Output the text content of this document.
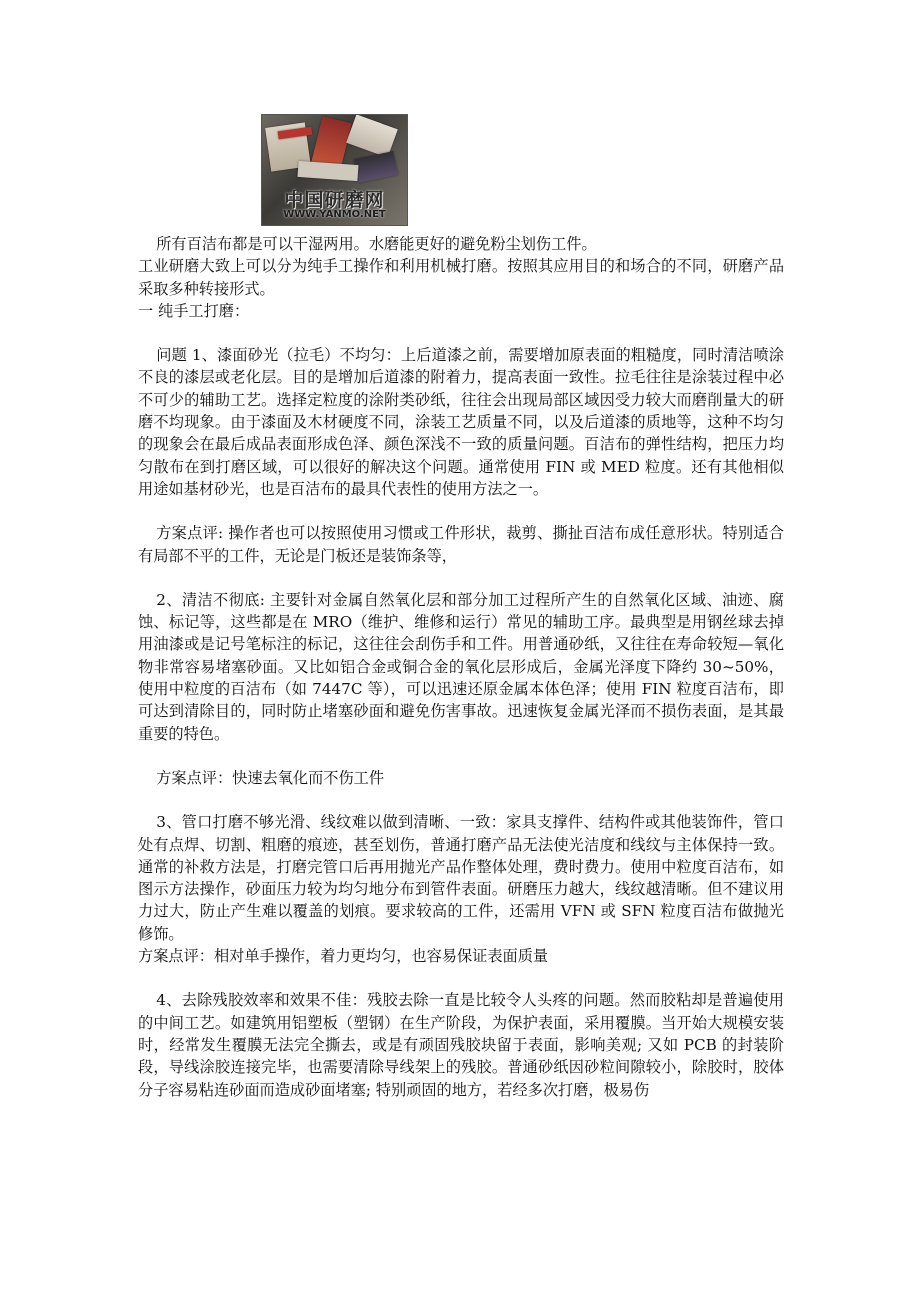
中国研磨网
WWW.YANMO.NET

所有百洁布都是可以干湿两用。水磨能更好的避免粉尘划伤工件。

工业研磨大致上可以分为纯手工操作和利用机械打磨。按照其应用目的和场合的不同，研磨产品采取多种转接形式。

一 纯手工打磨：

问题 1、漆面砂光（拉毛）不均匀：上后道漆之前，需要增加原表面的粗糙度，同时清洁喷涂不良的漆层或老化层。目的是增加后道漆的附着力，提高表面一致性。拉毛往往是涂装过程中必不可少的辅助工艺。选择定粒度的涂附类砂纸，往往会出现局部区域因受力较大而磨削量大的研磨不均现象。由于漆面及木材硬度不同，涂装工艺质量不同，以及后道漆的质地等，这种不均匀的现象会在最后成品表面形成色泽、颜色深浅不一致的质量问题。百洁布的弹性结构，把压力均匀散布在到打磨区域，可以很好的解决这个问题。通常使用 FIN 或 MED 粒度。还有其他相似用途如基材砂光，也是百洁布的最具代表性的使用方法之一。

方案点评: 操作者也可以按照使用习惯或工件形状，裁剪、撕扯百洁布成任意形状。特别适合有局部不平的工件，无论是门板还是装饰条等，

2、清洁不彻底: 主要针对金属自然氧化层和部分加工过程所产生的自然氧化区域、油迹、腐蚀、标记等，这些都是在 MRO（维护、维修和运行）常见的辅助工序。最典型是用钢丝球去掉用油漆或是记号笔标注的标记，这往往会刮伤手和工件。用普通砂纸，又往往在寿命较短—氧化物非常容易堵塞砂面。又比如铝合金或铜合金的氧化层形成后，金属光泽度下降约 30~50%，使用中粒度的百洁布（如 7447C 等），可以迅速还原金属本体色泽；使用 FIN 粒度百洁布，即可达到清除目的，同时防止堵塞砂面和避免伤害事故。迅速恢复金属光泽而不损伤表面，是其最重要的特色。

方案点评：快速去氧化而不伤工件

3、管口打磨不够光滑、线纹难以做到清晰、一致：家具支撑件、结构件或其他装饰件，管口处有点焊、切割、粗磨的痕迹，甚至划伤，普通打磨产品无法使光洁度和线纹与主体保持一致。通常的补救方法是，打磨完管口后再用抛光产品作整体处理，费时费力。使用中粒度百洁布，如图示方法操作，砂面压力较为均匀地分布到管件表面。研磨压力越大，线纹越清晰。但不建议用力过大，防止产生难以覆盖的划痕。要求较高的工件，还需用 VFN 或 SFN 粒度百洁布做抛光修饰。

方案点评：相对单手操作，着力更均匀，也容易保证表面质量

4、去除残胶效率和效果不佳：残胶去除一直是比较令人头疼的问题。然而胶粘却是普遍使用的中间工艺。如建筑用铝塑板（塑钢）在生产阶段，为保护表面，采用覆膜。当开始大规模安装时，经常发生覆膜无法完全撕去，或是有顽固残胶块留于表面，影响美观; 又如 PCB 的封装阶段，导线涂胶连接完毕，也需要清除导线架上的残胶。普通砂纸因砂粒间隙较小，除胶时，胶体分子容易粘连砂面而造成砂面堵塞; 特别顽固的地方，若经多次打磨，极易伤
